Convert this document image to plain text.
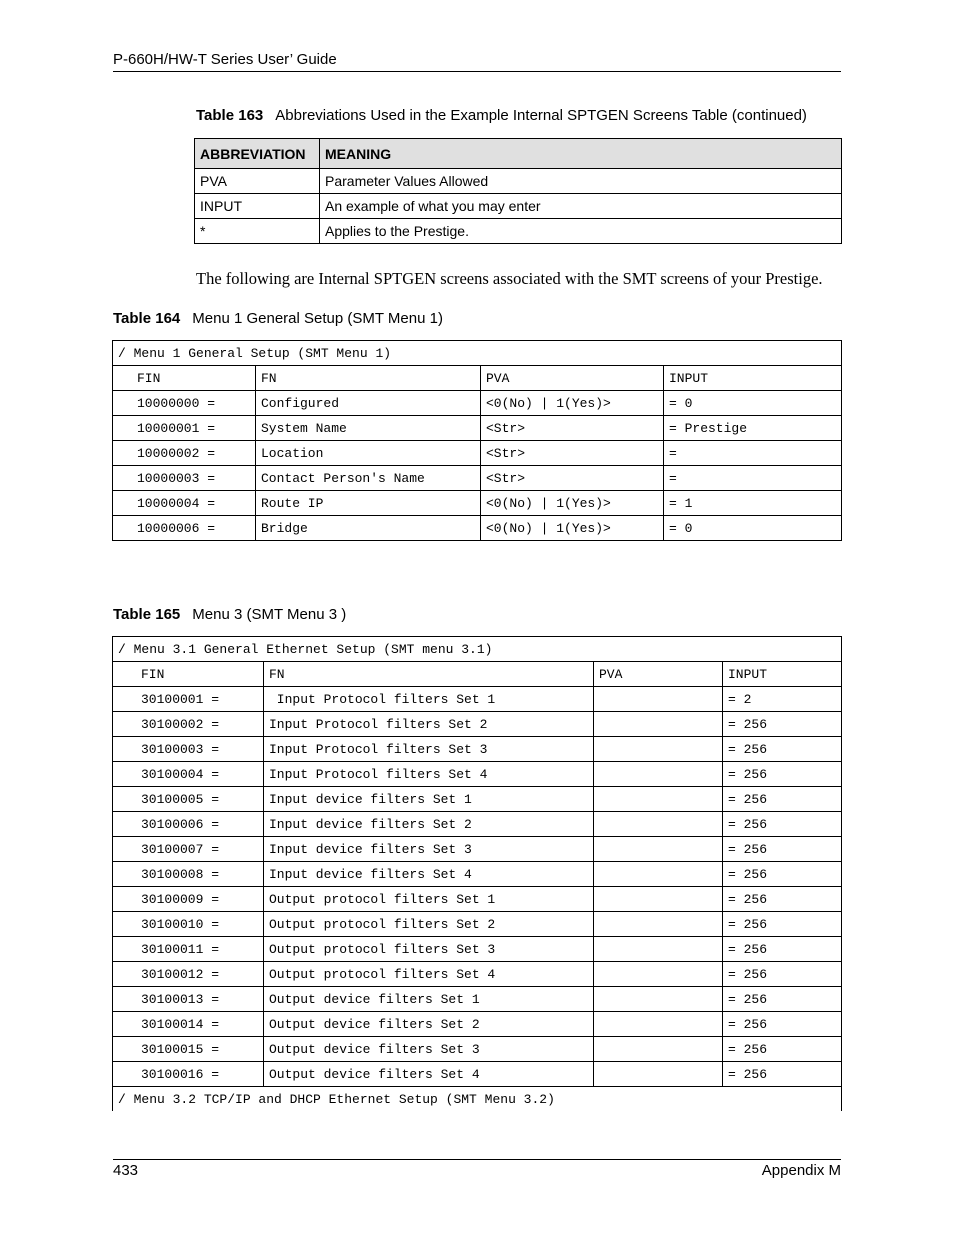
P-660H/HW-T Series User’ Guide
Table 163 Abbreviations Used in the Example Internal SPTGEN Screens Table (continued)
ABBREVIATION	MEANING
PVA	Parameter Values Allowed
INPUT	An example of what you may enter
*	Applies to the Prestige.
The following are Internal SPTGEN screens associated with the SMT screens of your Prestige.
Table 164 Menu 1 General Setup (SMT Menu 1)
/ Menu 1 General Setup (SMT Menu 1)			
FIN	FN	PVA	INPUT
10000000 =	Configured	<0(No) | 1(Yes)>	= 0
10000001 =	System Name	<Str>	= Prestige
10000002 =	Location	<Str>	=
10000003 =	Contact Person's Name	<Str>	=
10000004 =	Route IP	<0(No) | 1(Yes)>	= 1
10000006 =	Bridge	<0(No) | 1(Yes)>	= 0
Table 165 Menu 3 (SMT Menu 3 )
/ Menu 3.1 General Ethernet Setup (SMT menu 3.1)			
FIN	FN	PVA	INPUT
30100001 =	Input Protocol filters Set 1		= 2
30100002 =	Input Protocol filters Set 2		= 256
30100003 =	Input Protocol filters Set 3		= 256
30100004 =	Input Protocol filters Set 4		= 256
30100005 =	Input device filters Set 1		= 256
30100006 =	Input device filters Set 2		= 256
30100007 =	Input device filters Set 3		= 256
30100008 =	Input device filters Set 4		= 256
30100009 =	Output protocol filters Set 1		= 256
30100010 =	Output protocol filters Set 2		= 256
30100011 =	Output protocol filters Set 3		= 256
30100012 =	Output protocol filters Set 4		= 256
30100013 =	Output device filters Set 1		= 256
30100014 =	Output device filters Set 2		= 256
30100015 =	Output device filters Set 3		= 256
30100016 =	Output device filters Set 4		= 256
/ Menu 3.2 TCP/IP and DHCP Ethernet Setup (SMT Menu 3.2)			
433	Appendix M
